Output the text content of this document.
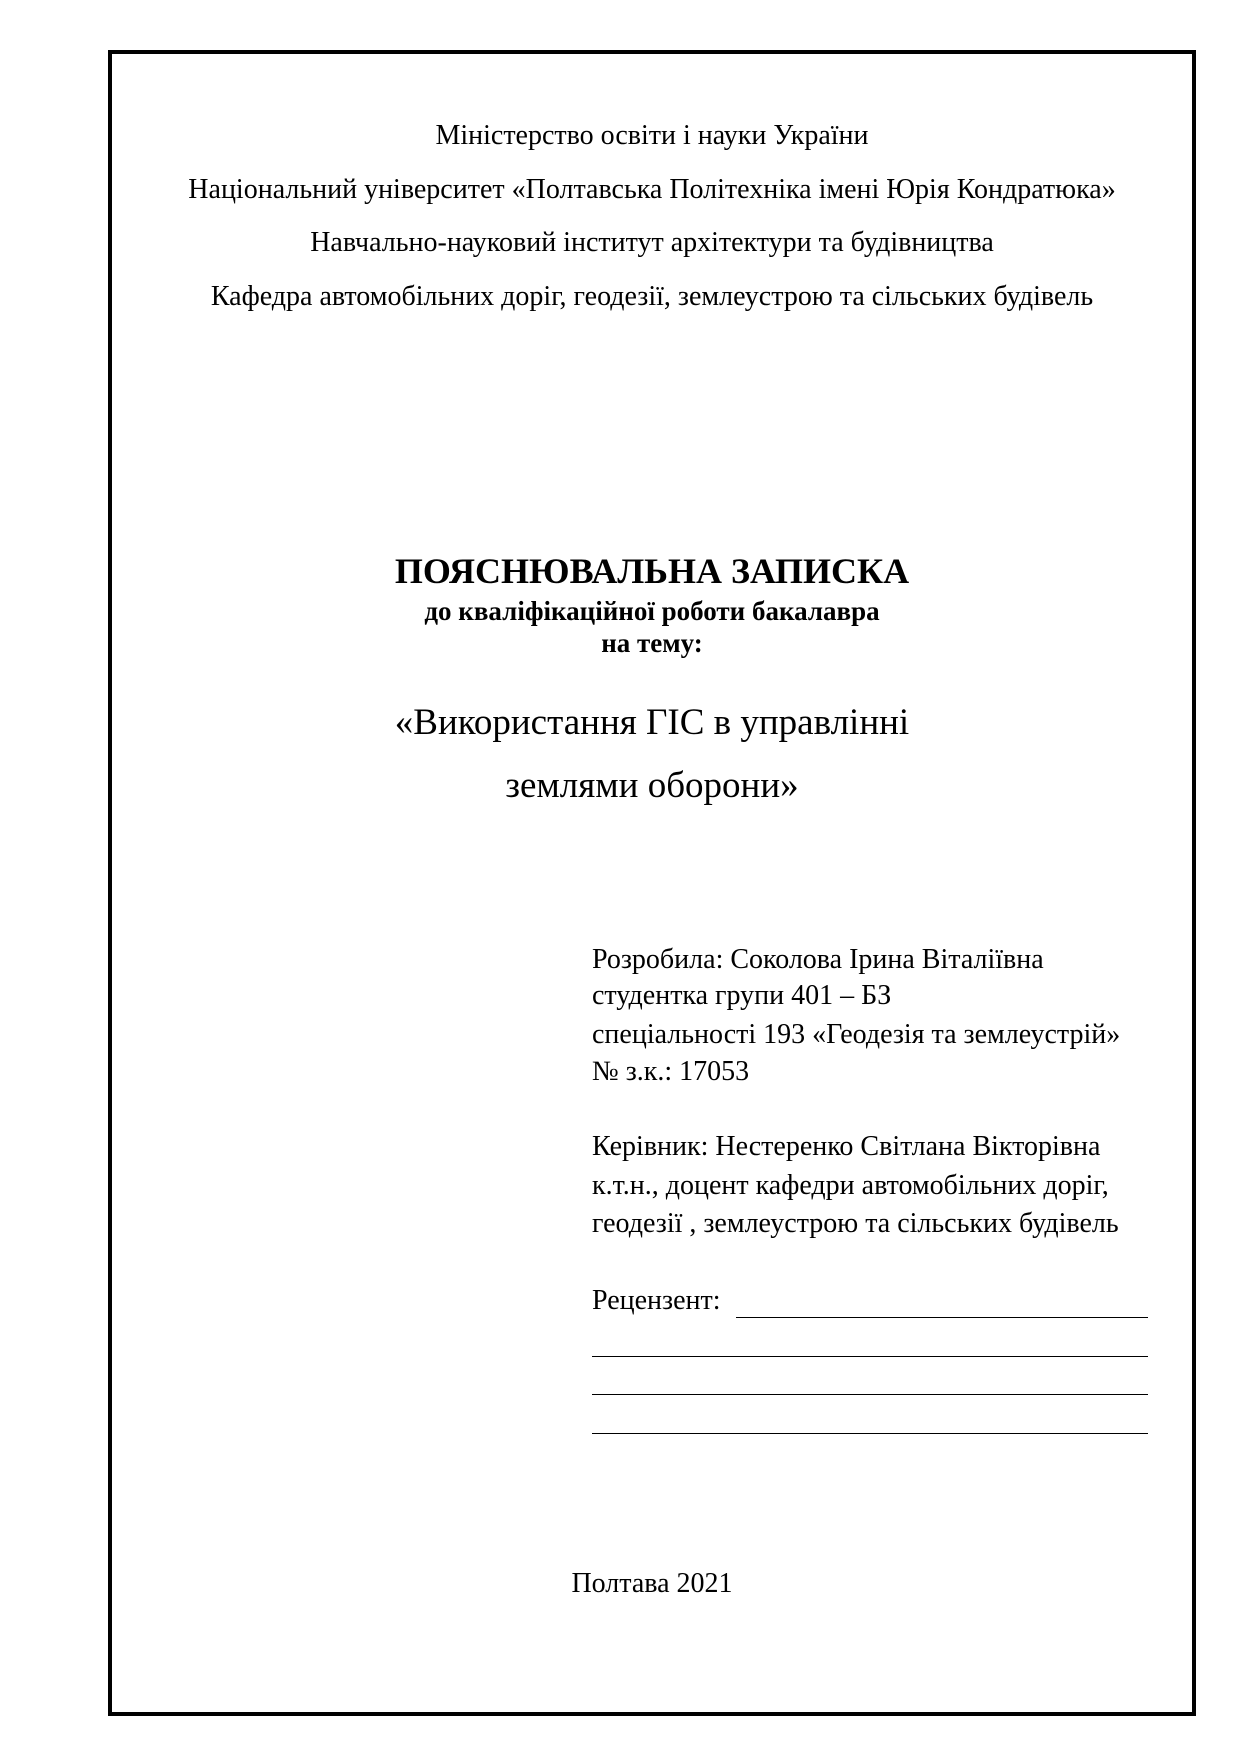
Міністерство освіти і науки України
Національний університет «Полтавська Політехніка імені Юрія Кондратюка»
Навчально-науковий інститут архітектури та будівництва
Кафедра автомобільних доріг, геодезії, землеустрою та сільських будівель
ПОЯСНЮВАЛЬНА ЗАПИСКА
до кваліфікаційної роботи бакалавра
на тему:
«Використання ГІС в управлінні
землями оборони»
Розробила: Соколова Ірина Віталіївна
студентка групи 401 – БЗ
спеціальності 193 «Геодезія та землеустрій»
№ з.к.: 17053
Керівник: Нестеренко Світлана Вікторівна
к.т.н., доцент кафедри автомобільних доріг,
геодезії , землеустрою та сільських будівель
Рецензент:
Полтава 2021
